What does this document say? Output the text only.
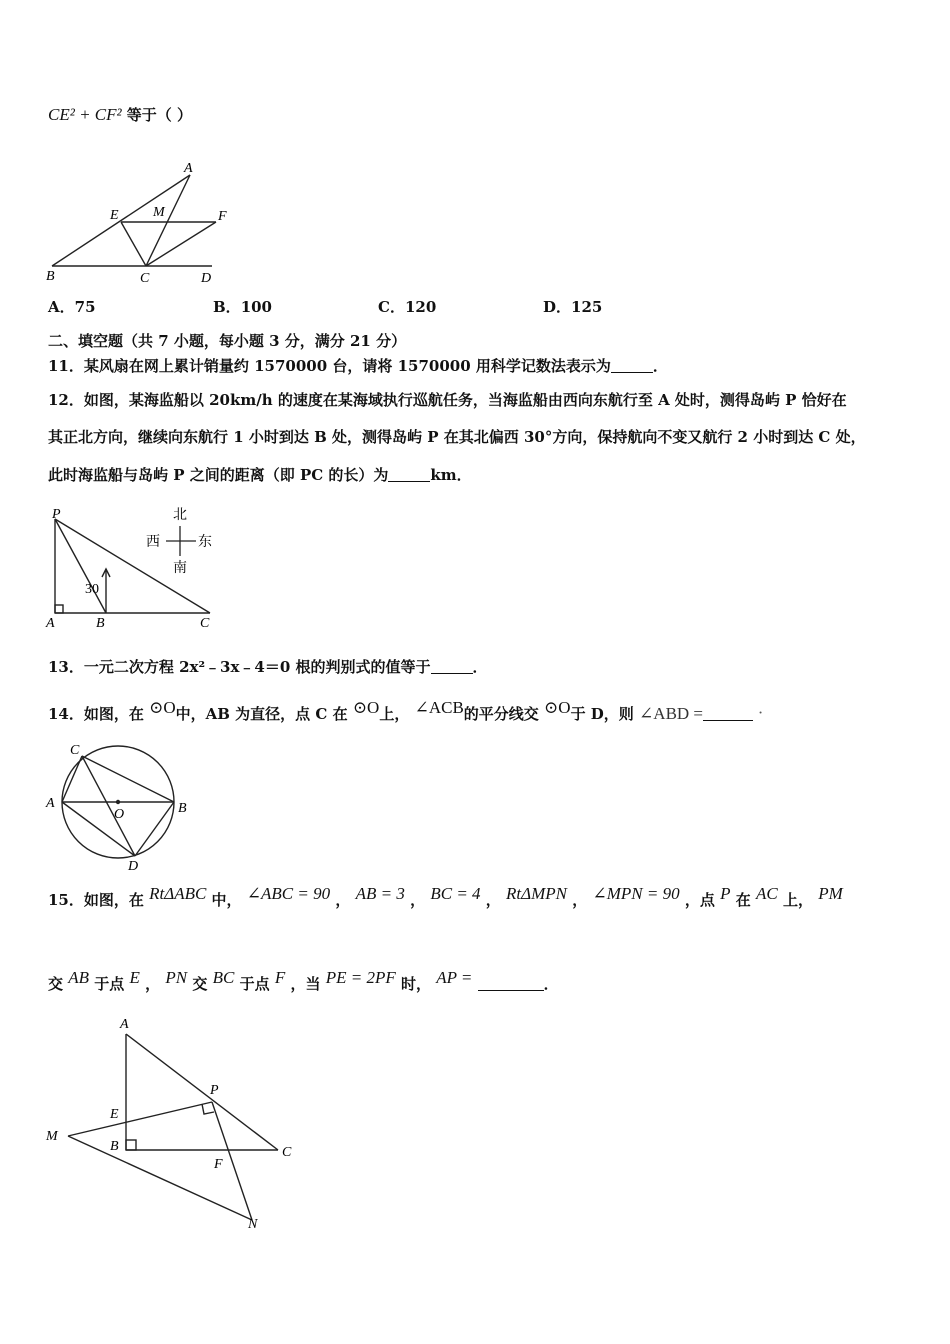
CE² + CF² 等于（ ）
A
E M	F
B	C	D
A．75	B．100	C．120	D．125
二、填空题（共 7 小题，每小题 3 分，满分 21 分）
11．某风扇在网上累计销量约 1570000 台，请将 1570000 用科学记数法表示为	．
12．如图，某海监船以 20km/h 的速度在某海域执行巡航任务，当海监船由西向东航行至 A 处时，测得岛屿 P 恰好在
其正北方向，继续向东航行 1 小时到达 B 处，测得岛屿 P 在其北偏西 30°方向，保持航向不变又航行 2 小时到达 C 处，
此时海监船与岛屿 P 之间的距离（即 PC 的长）为	km．
P
A	B	C
30
北
南
西	东
13．一元二次方程 2x²﹣3x﹣4＝0 根的判别式的值等于	．
14．如图，在 ⊙O中，AB 为直径，点 C 在 ⊙O上， ∠ACB的平分线交 ⊙O于 D，则 ∠ABD =	．
C
A	B
O
D
15．如图，在 RtΔABC 中， ∠ABC = 90 ， AB = 3 ， BC = 4 ， RtΔMPN ， ∠MPN = 90 ，点 P 在 AC 上， PM
交 AB 于点 E ， PN 交 BC 于点 F ，当 PE = 2PF 时， AP =	．
A
E
P
M
B
F
C
N
